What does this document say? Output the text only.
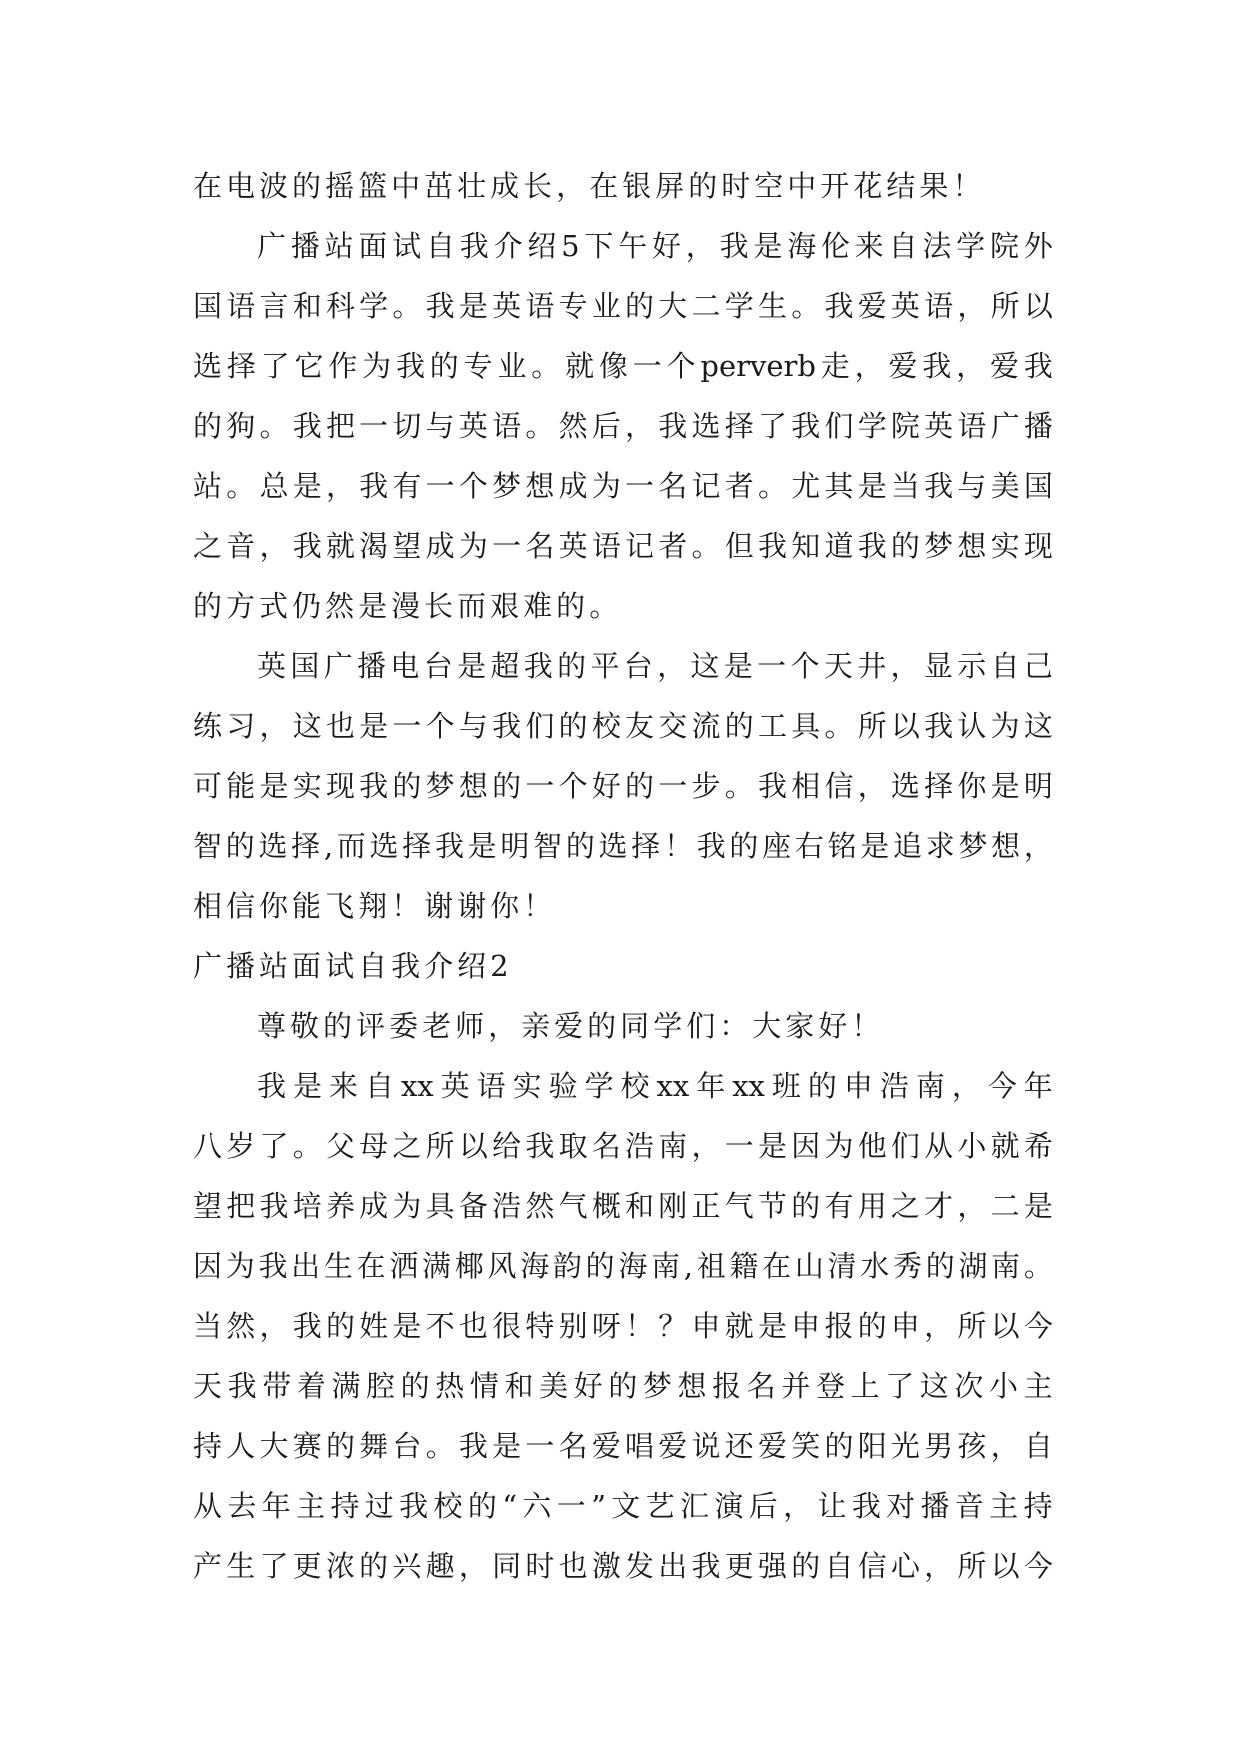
在 电 波 的 摇 篮 中 茁 壮 成 长 ， 在 银 屏 的 时 空 中 开 花 结 果 ！
广 播 站 面 试 自 我 介 绍 5 下 午 好 ， 我 是 海 伦 来 自 法 学 院 外
国 语 言 和 科 学 。 我 是 英 语 专 业 的 大 二 学 生 。 我 爱 英 语 ， 所 以
选 择 了 它 作 为 我 的 专 业 。 就 像 一 个 perverb 走 ， 爱 我 ， 爱 我
的 狗 。 我 把 一 切 与 英 语 。 然 后 ， 我 选 择 了 我 们 学 院 英 语 广 播
站 。 总 是 ， 我 有 一 个 梦 想 成 为 一 名 记 者 。 尤 其 是 当 我 与 美 国
之 音 ， 我 就 渴 望 成 为 一 名 英 语 记 者 。 但 我 知 道 我 的 梦 想 实 现
的 方 式 仍 然 是 漫 长 而 艰 难 的 。
英 国 广 播 电 台 是 超 我 的 平 台 ， 这 是 一 个 天 井 ， 显 示 自 己
练 习 ， 这 也 是 一 个 与 我 们 的 校 友 交 流 的 工 具 。 所 以 我 认 为 这
可 能 是 实 现 我 的 梦 想 的 一 个 好 的 一 步 。 我 相 信 ， 选 择 你 是 明
智 的 选 择 , 而 选 择 我 是 明 智 的 选 择 ！ 我 的 座 右 铭 是 追 求 梦 想 ，
相 信 你 能 飞 翔 ！ 谢 谢 你 ！
广 播 站 面 试 自 我 介 绍 2
尊 敬 的 评 委 老 师 ， 亲 爱 的 同 学 们 ： 大 家 好 ！
我 是 来 自 xx 英 语 实 验 学 校 xx 年 xx 班 的 申 浩 南 ， 今 年
八 岁 了 。 父 母 之 所 以 给 我 取 名 浩 南 ， 一 是 因 为 他 们 从 小 就 希
望 把 我 培 养 成 为 具 备 浩 然 气 概 和 刚 正 气 节 的 有 用 之 才 ， 二 是
因 为 我 出 生 在 洒 满 椰 风 海 韵 的 海 南 , 祖 籍 在 山 清 水 秀 的 湖 南 。
当 然 ， 我 的 姓 是 不 也 很 特 别 呀 ！ ？ 申 就 是 申 报 的 申 ， 所 以 今
天 我 带 着 满 腔 的 热 情 和 美 好 的 梦 想 报 名 并 登 上 了 这 次 小 主
持 人 大 赛 的 舞 台 。 我 是 一 名 爱 唱 爱 说 还 爱 笑 的 阳 光 男 孩 ， 自
从 去 年 主 持 过 我 校 的 “ 六 一 ” 文 艺 汇 演 后 ， 让 我 对 播 音 主 持
产 生 了 更 浓 的 兴 趣 ， 同 时 也 激 发 出 我 更 强 的 自 信 心 ， 所 以 今
